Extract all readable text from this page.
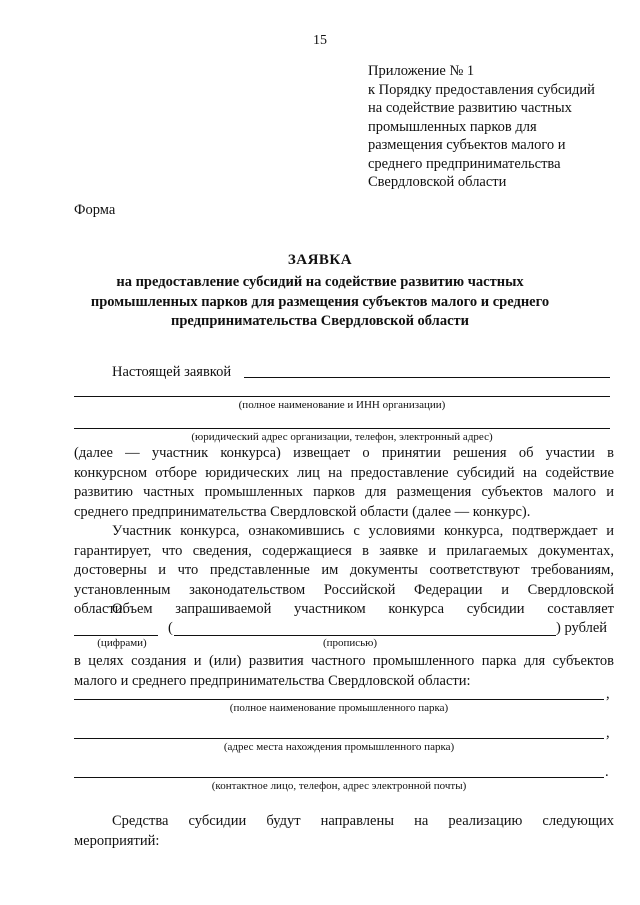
15
Приложение № 1
к Порядку предоставления субсидий
на содействие развитию частных
промышленных парков для
размещения субъектов малого и
среднего предпринимательства
Свердловской области
Форма
ЗАЯВКА
на предоставление субсидий на содействие развитию частных
промышленных парков для размещения субъектов малого и среднего
предпринимательства Свердловской области
Настоящей заявкой
(полное наименование и ИНН организации)
(юридический адрес организации, телефон, электронный адрес)
(далее — участник конкурса) извещает о принятии решения об участии в
конкурсном отборе юридических лиц на предоставление субсидий на содействие
развитию частных промышленных парков для размещения субъектов малого и
среднего предпринимательства Свердловской области (далее — конкурс).
Участник конкурса, ознакомившись с условиями конкурса, подтверждает и
гарантирует, что сведения, содержащиеся в заявке и прилагаемых документах,
достоверны и что представленные им документы соответствуют требованиям,
установленным законодательством Российской Федерации и Свердловской
области.
Объем запрашиваемой участником конкурса субсидии составляет
(	) рублей
(цифрами)	(прописью)
в целях создания и (или) развития частного промышленного парка для субъектов
малого и среднего предпринимательства Свердловской области:
,
(полное наименование промышленного парка)
,
(адрес места нахождения промышленного парка)
.
(контактное лицо, телефон, адрес электронной почты)
Средства субсидии будут направлены на реализацию следующих
мероприятий:
